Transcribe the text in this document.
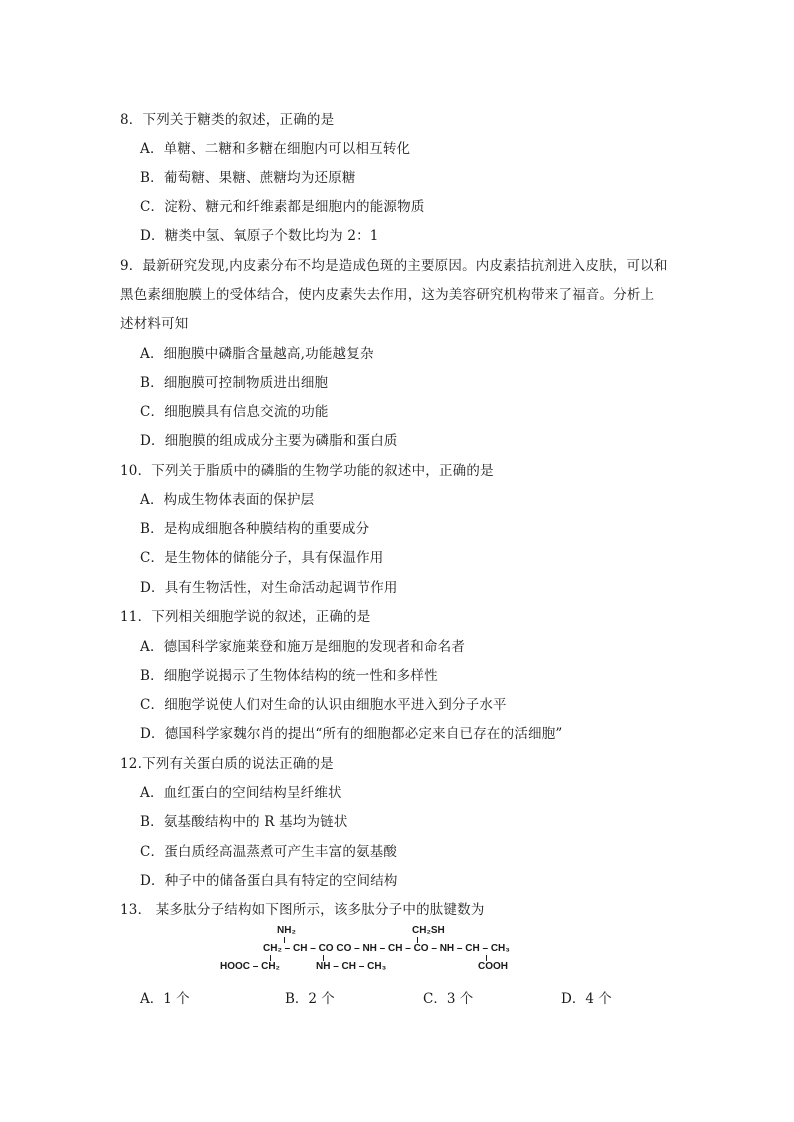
8．下列关于糖类的叙述，正确的是
A．单糖、二糖和多糖在细胞内可以相互转化
B．葡萄糖、果糖、蔗糖均为还原糖
C．淀粉、糖元和纤维素都是细胞内的能源物质
D．糖类中氢、氧原子个数比均为 2：1
9．最新研究发现,内皮素分布不均是造成色斑的主要原因。内皮素拮抗剂进入皮肤，可以和
黑色素细胞膜上的受体结合，使内皮素失去作用，这为美容研究机构带来了福音。分析上
述材料可知
A．细胞膜中磷脂含量越高,功能越复杂
B．细胞膜可控制物质进出细胞
C．细胞膜具有信息交流的功能
D．细胞膜的组成成分主要为磷脂和蛋白质
10．下列关于脂质中的磷脂的生物学功能的叙述中，正确的是
A．构成生物体表面的保护层
B．是构成细胞各种膜结构的重要成分
C．是生物体的储能分子，具有保温作用
D．具有生物活性，对生命活动起调节作用
11．下列相关细胞学说的叙述，正确的是
A．德国科学家施莱登和施万是细胞的发现者和命名者
B．细胞学说揭示了生物体结构的统一性和多样性
C．细胞学说使人们对生命的认识由细胞水平进入到分子水平
D．德国科学家魏尔肖的提出“所有的细胞都必定来自已存在的活细胞”
12.下列有关蛋白质的说法正确的是
A．血红蛋白的空间结构呈纤维状
B．氨基酸结构中的 R 基均为链状
C．蛋白质经高温蒸煮可产生丰富的氨基酸
D．种子中的储备蛋白具有特定的空间结构
13． 某多肽分子结构如下图所示，该多肽分子中的肽键数为
NH₂	CH₂SH
CH₂ – CH – CO CO – NH – CH – CO – NH – CH – CH₃
HOOC – CH₂	NH – CH – CH₃	COOH
A．1 个	B．2 个	C．3 个	D．4 个
